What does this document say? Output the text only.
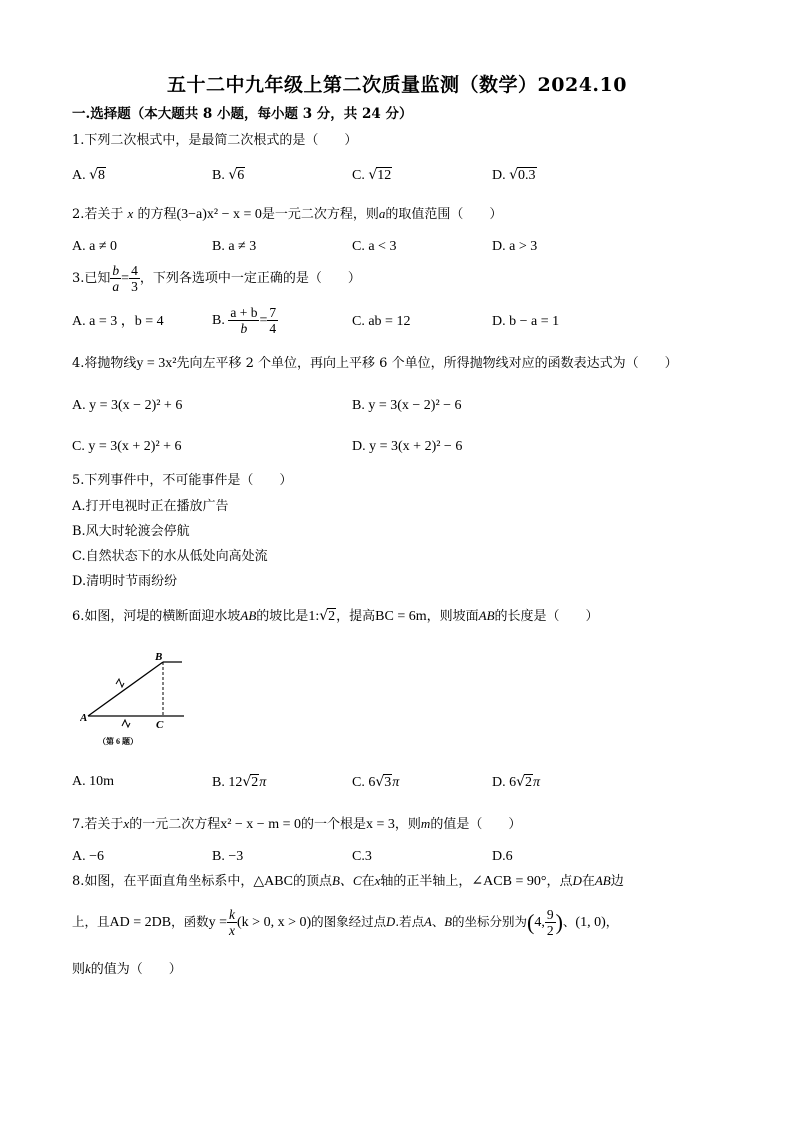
五十二中九年级上第二次质量监测（数学）2024.10
一.选择题（本大题共 8 小题，每小题 3 分，共 24 分）
1.下列二次根式中，是最简二次根式的是（　　）
A. √8	B. √6	C. √12	D. √0.3
2.若关于 x 的方程(3−a)x² − x = 0是一元二次方程，则a的取值范围（　　）
A. a ≠ 0	B. a ≠ 3	C. a < 3	D. a > 3
3.已知 $\frac{b}{a} = \frac{4}{3}$ ，下列各选项中一定正确的是（　　）
A. a = 3 ，b = 4	B. $\frac{a + b}{b} = \frac{7}{4}$	C. ab = 12	D. b − a = 1
4.将抛物线y = 3x²先向左平移 2 个单位，再向上平移 6 个单位，所得抛物线对应的函数表达式为（　　）
A. y = 3(x − 2)² + 6	B. y = 3(x − 2)² − 6
C. y = 3(x + 2)² + 6	D. y = 3(x + 2)² − 6
5.下列事件中，不可能事件是（　　）
A.打开电视时正在播放广告
B.风大时轮渡会停航
C.自然状态下的水从低处向高处流
D.清明时节雨纷纷
6.如图，河堤的横断面迎水坡AB的坡比是1:√2，提高BC = 6m，则坡面AB的长度是（　　）
A
B
C
（第 6 题）
A. 10m	B. 12√2π	C. 6√3π	D. 6√2π
7.若关于x的一元二次方程x² − x − m = 0的一个根是x = 3，则m的值是（　　）
A. −6	B. −3	C.3	D.6
8.如图，在平面直角坐标系中，△ABC的顶点B、C在x轴的正半轴上，∠ACB = 90°，点D在AB边
上，且AD = 2DB，函数$y = \frac{k}{x} (k > 0$, x > 0)的图象经过点D.若点A、B的坐标分别为(4, $\frac{9}{2}$ )、(1, 0)，
则k的值为（　　）
